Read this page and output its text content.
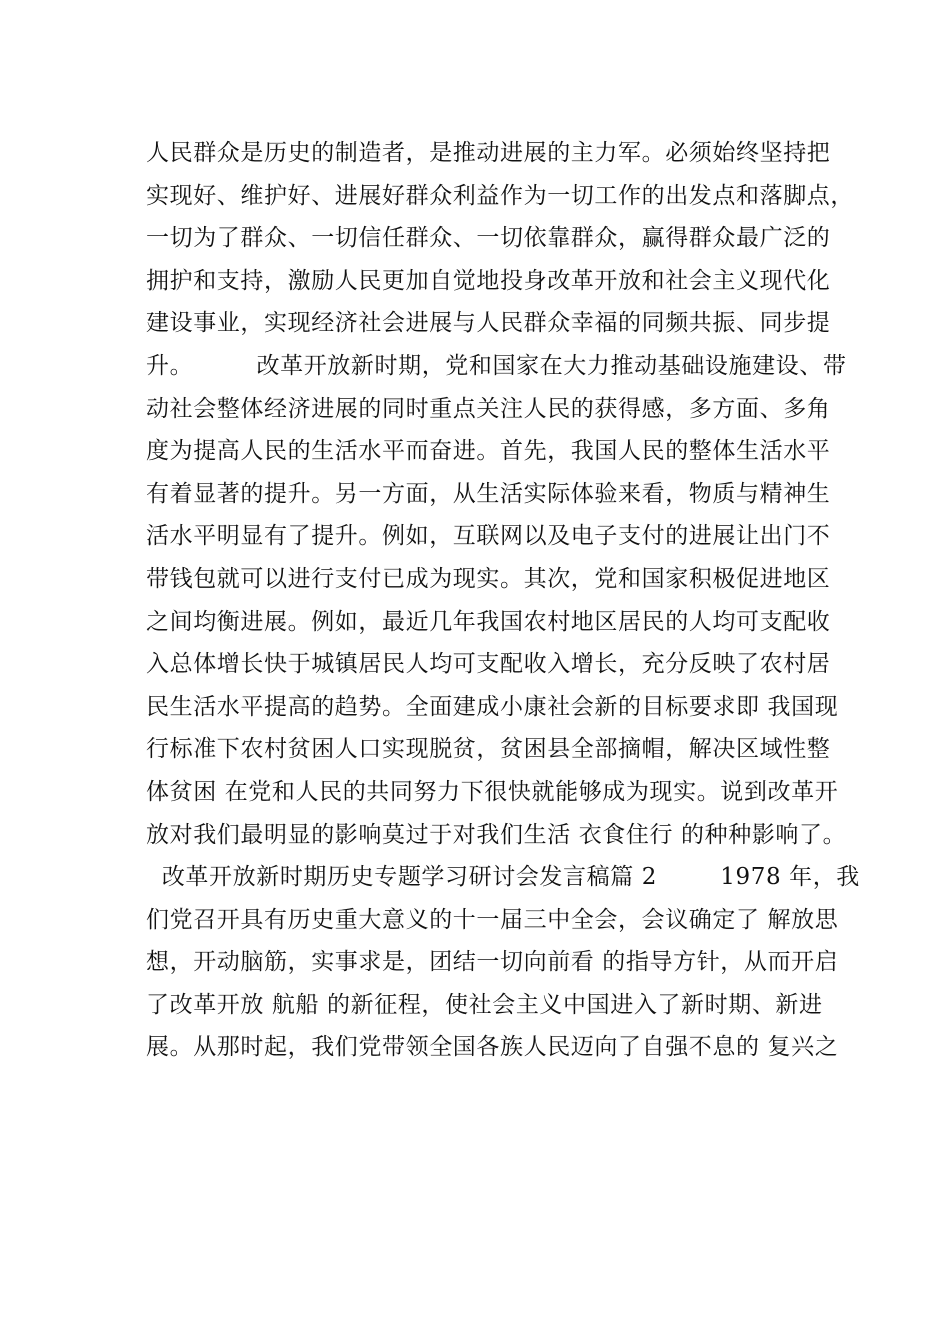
人民群众是历史的制造者，是推动进展的主力军。必须始终坚持把
实现好、维护好、进展好群众利益作为一切工作的出发点和落脚点，
一切为了群众、一切信任群众、一切依靠群众，赢得群众最广泛的
拥护和支持，激励人民更加自觉地投身改革开放和社会主义现代化
建设事业，实现经济社会进展与人民群众幸福的同频共振、同步提
升。        改革开放新时期，党和国家在大力推动基础设施建设、带
动社会整体经济进展的同时重点关注人民的获得感，多方面、多角
度为提高人民的生活水平而奋进。首先，我国人民的整体生活水平
有着显著的提升。另一方面，从生活实际体验来看，物质与精神生
活水平明显有了提升。例如，互联网以及电子支付的进展让出门不
带钱包就可以进行支付已成为现实。其次，党和国家积极促进地区
之间均衡进展。例如，最近几年我国农村地区居民的人均可支配收
入总体增长快于城镇居民人均可支配收入增长，充分反映了农村居
民生活水平提高的趋势。全面建成小康社会新的目标要求即 我国现
行标准下农村贫困人口实现脱贫，贫困县全部摘帽，解决区域性整
体贫困 在党和人民的共同努力下很快就能够成为现实。说到改革开
放对我们最明显的影响莫过于对我们生活 衣食住行 的种种影响了。
改革开放新时期历史专题学习研讨会发言稿篇 2        1978 年，我
们党召开具有历史重大意义的十一届三中全会，会议确定了 解放思
想，开动脑筋，实事求是，团结一切向前看 的指导方针，从而开启
了改革开放 航船 的新征程，使社会主义中国进入了新时期、新进
展。从那时起，我们党带领全国各族人民迈向了自强不息的 复兴之
